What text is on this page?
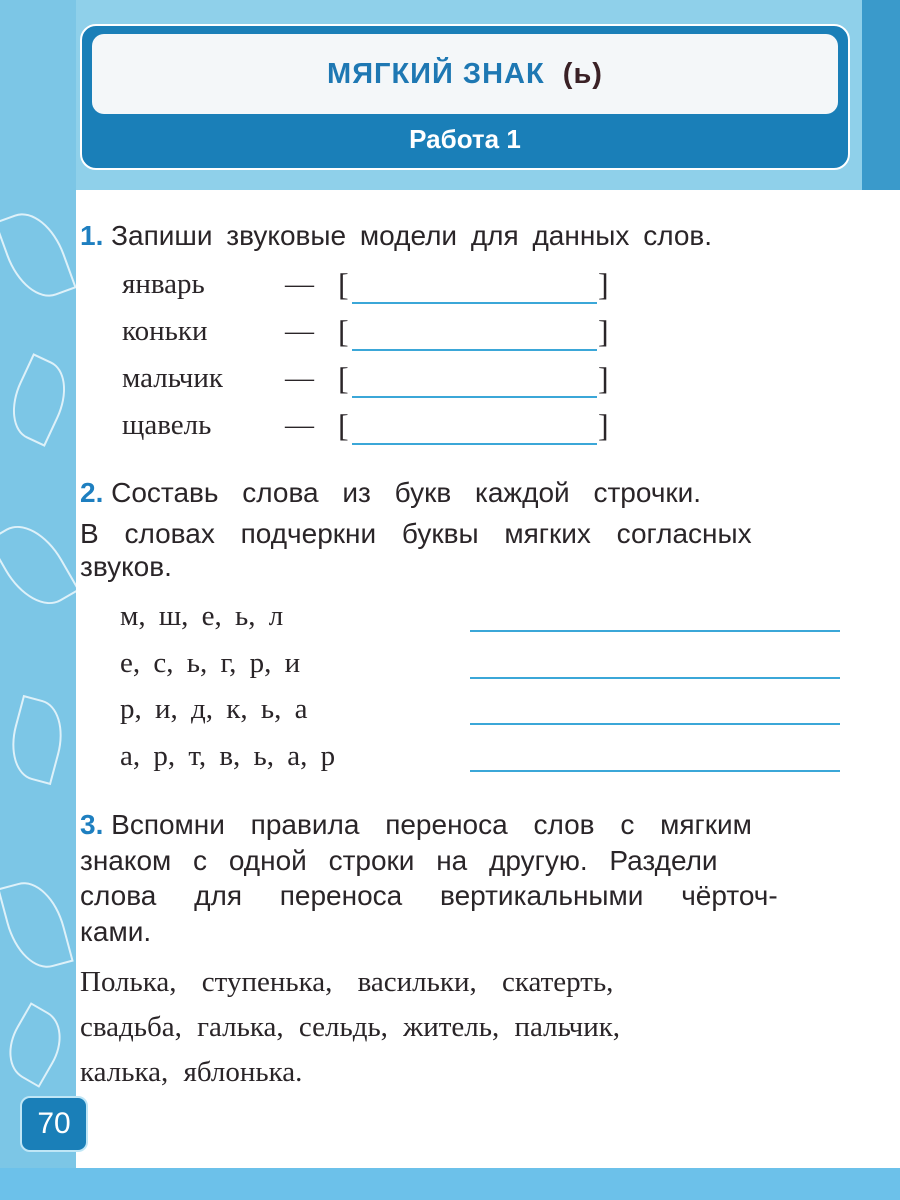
МЯГКИЙ ЗНАК
(ь)
Работа 1
1. Запиши звуковые модели для данных слов.
январь	— [	]
коньки	— [	]
мальчик — [	]
щавель	— [	]
2. Составь слова из букв каждой строчки.
В словах подчеркни буквы мягких согласных
звуков.
м, ш, е, ь, л
е, с, ь, г, р, и
р, и, д, к, ь, а
а, р, т, в, ь, а, р
3. Вспомни правила переноса слов с мягким
знаком с одной строки на другую. Раздели
слова для переноса вертикальными чёрточ-
ками.
Полька, ступенька, васильки, скатерть,
свадьба, галька, сельдь, житель, пальчик,
калька, яблонька.
70
